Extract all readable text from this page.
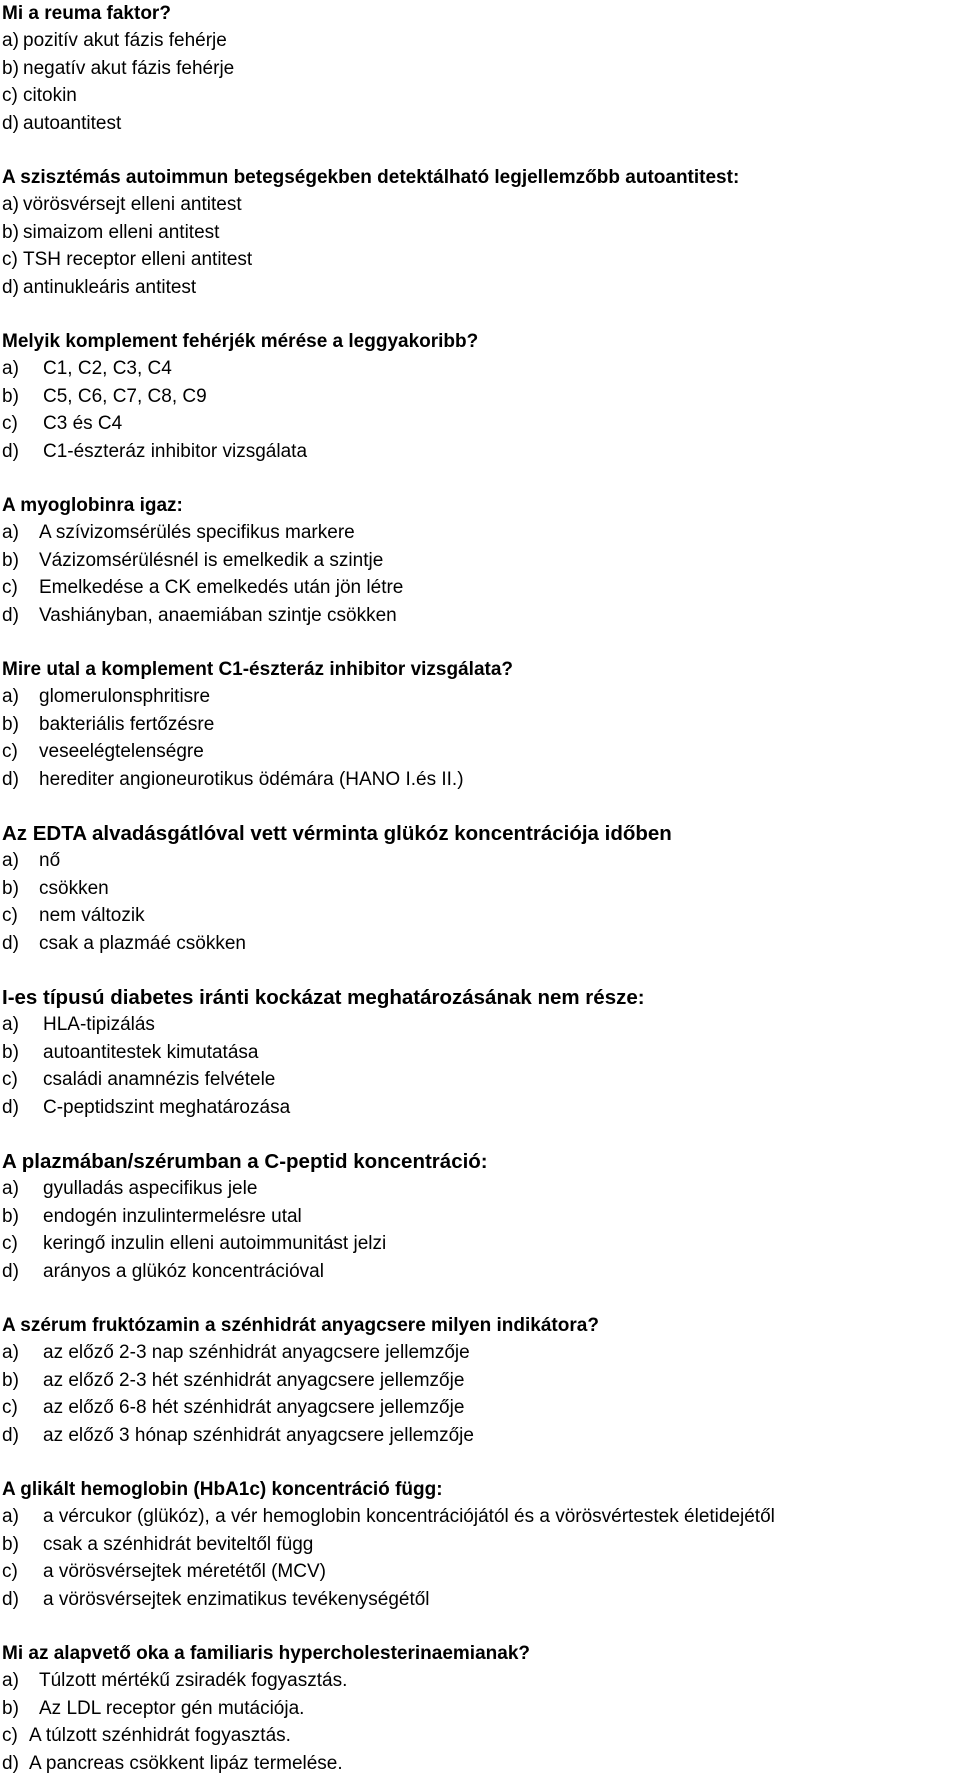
Mi a reuma faktor?
a) pozitív akut fázis fehérje
b) negatív akut fázis fehérje
c) citokin
d) autoantitest
A szisztémás autoimmun betegségekben detektálható legjellemzőbb autoantitest:
a) vörösvérsejt elleni antitest
b) simaizom elleni antitest
c) TSH receptor elleni antitest
d) antinukleáris antitest
Melyik komplement fehérjék mérése a leggyakoribb?
a) C1, C2, C3, C4
b) C5, C6, C7, C8, C9
c) C3 és C4
d) C1-észteráz inhibitor vizsgálata
A myoglobinra igaz:
a) A szívizomsérülés specifikus markere
b) Vázizomsérülésnél is emelkedik a szintje
c) Emelkedése a CK emelkedés után jön létre
d) Vashiányban, anaemiában szintje csökken
Mire utal a komplement C1-észteráz inhibitor vizsgálata?
a) glomerulonsphritisre
b) bakteriális fertőzésre
c) veseelégtelenségre
d) herediter angioneurotikus ödémára (HANO I.és II.)
Az EDTA alvadásgátlóval vett vérminta glükóz koncentrációja időben
a) nő
b) csökken
c) nem változik
d) csak a plazmáé csökken
I-es típusú diabetes iránti kockázat meghatározásának nem része:
a) HLA-tipizálás
b) autoantitestek kimutatása
c) családi anamnézis felvétele
d) C-peptidszint meghatározása
A plazmában/szérumban a C-peptid koncentráció:
a) gyulladás aspecifikus jele
b) endogén inzulintermelésre utal
c) keringő inzulin elleni autoimmunitást jelzi
d) arányos a glükóz koncentrációval
A szérum fruktózamin a szénhidrát anyagcsere milyen indikátora?
a) az előző 2-3 nap szénhidrát anyagcsere jellemzője
b) az előző 2-3 hét szénhidrát anyagcsere jellemzője
c) az előző 6-8 hét szénhidrát anyagcsere jellemzője
d) az előző 3 hónap szénhidrát anyagcsere jellemzője
A glikált hemoglobin (HbA1c) koncentráció függ:
a) a vércukor (glükóz), a vér hemoglobin koncentrációjától és a vörösvértestek életidejétől
b) csak a szénhidrát beviteltől függ
c) a vörösvérsejtek méretétől (MCV)
d) a vörösvérsejtek enzimatikus tevékenységétől
Mi az alapvető oka a familiaris hypercholesterinaemianak?
a) Túlzott mértékű zsiradék fogyasztás.
b) Az LDL receptor gén mutációja.
c) A túlzott szénhidrát fogyasztás.
d) A pancreas csökkent lipáz termelése.
